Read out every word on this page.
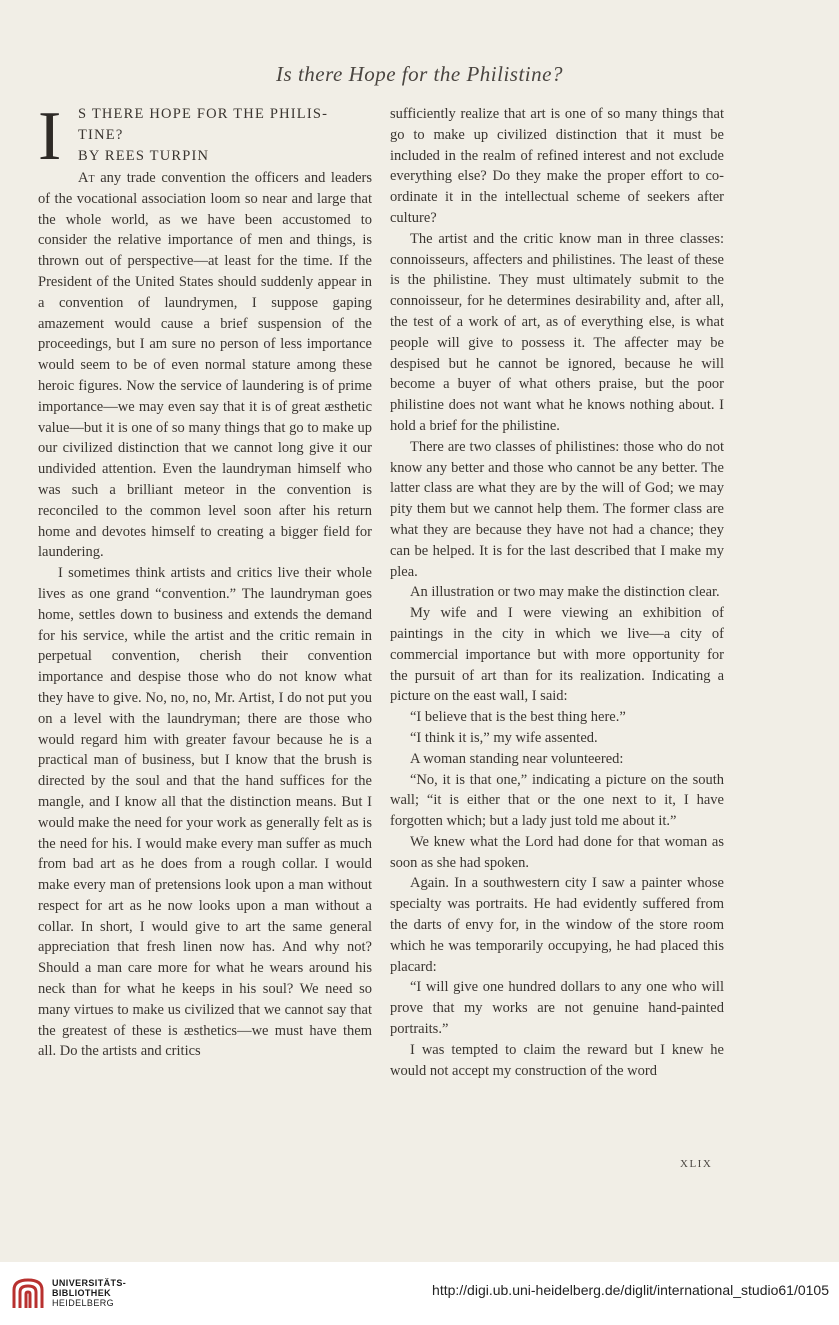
Is there Hope for the Philistine?
I S THERE HOPE FOR THE PHILIS-
TINE?
BY REES TURPIN

At any trade convention the officers and leaders of the vocational association loom so near and large that the whole world, as we have been accustomed to consider the relative importance of men and things, is thrown out of perspective—at least for the time. If the President of the United States should suddenly appear in a convention of laundrymen, I suppose gaping amazement would cause a brief suspension of the proceedings, but I am sure no person of less importance would seem to be of even normal stature among these heroic figures. Now the service of laundering is of prime importance—we may even say that it is of great æsthetic value—but it is one of so many things that go to make up our civilized distinction that we cannot long give it our undivided attention. Even the laundryman himself who was such a brilliant meteor in the convention is reconciled to the common level soon after his return home and devotes himself to creating a bigger field for laundering.

I sometimes think artists and critics live their whole lives as one grand “convention.” The laundryman goes home, settles down to business and extends the demand for his service, while the artist and the critic remain in perpetual convention, cherish their convention importance and despise those who do not know what they have to give. No, no, no, Mr. Artist, I do not put you on a level with the laundryman; there are those who would regard him with greater favour because he is a practical man of business, but I know that the brush is directed by the soul and that the hand suffices for the mangle, and I know all that the distinction means. But I would make the need for your work as generally felt as is the need for his. I would make every man suffer as much from bad art as he does from a rough collar. I would make every man of pretensions look upon a man without respect for art as he now looks upon a man without a collar. In short, I would give to art the same general appreciation that fresh linen now has. And why not? Should a man care more for what he wears around his neck than for what he keeps in his soul? We need so many virtues to make us civilized that we cannot say that the greatest of these is æsthetics—we must have them all. Do the artists and critics

sufficiently realize that art is one of so many things that go to make up civilized distinction that it must be included in the realm of refined interest and not exclude everything else? Do they make the proper effort to co-ordinate it in the intellectual scheme of seekers after culture?

The artist and the critic know man in three classes: connoisseurs, affecters and philistines. The least of these is the philistine. They must ultimately submit to the connoisseur, for he determines desirability and, after all, the test of a work of art, as of everything else, is what people will give to possess it. The affecter may be despised but he cannot be ignored, because he will become a buyer of what others praise, but the poor philistine does not want what he knows nothing about. I hold a brief for the philistine.

There are two classes of philistines: those who do not know any better and those who cannot be any better. The latter class are what they are by the will of God; we may pity them but we cannot help them. The former class are what they are because they have not had a chance; they can be helped. It is for the last described that I make my plea.

An illustration or two may make the distinction clear.

My wife and I were viewing an exhibition of paintings in the city in which we live—a city of commercial importance but with more opportunity for the pursuit of art than for its realization. Indicating a picture on the east wall, I said:

“I believe that is the best thing here.”

“I think it is,” my wife assented.

A woman standing near volunteered:

“No, it is that one,” indicating a picture on the south wall; “it is either that or the one next to it, I have forgotten which; but a lady just told me about it.”

We knew what the Lord had done for that woman as soon as she had spoken.

Again. In a southwestern city I saw a painter whose specialty was portraits. He had evidently suffered from the darts of envy for, in the window of the store room which he was temporarily occupying, he had placed this placard:

“I will give one hundred dollars to any one who will prove that my works are not genuine hand-painted portraits.”

I was tempted to claim the reward but I knew he would not accept my construction of the word

XLIX
UNIVERSITÄTS-
BIBLIOTHEK
HEIDELBERG
http://digi.ub.uni-heidelberg.de/diglit/international_studio61/0105
